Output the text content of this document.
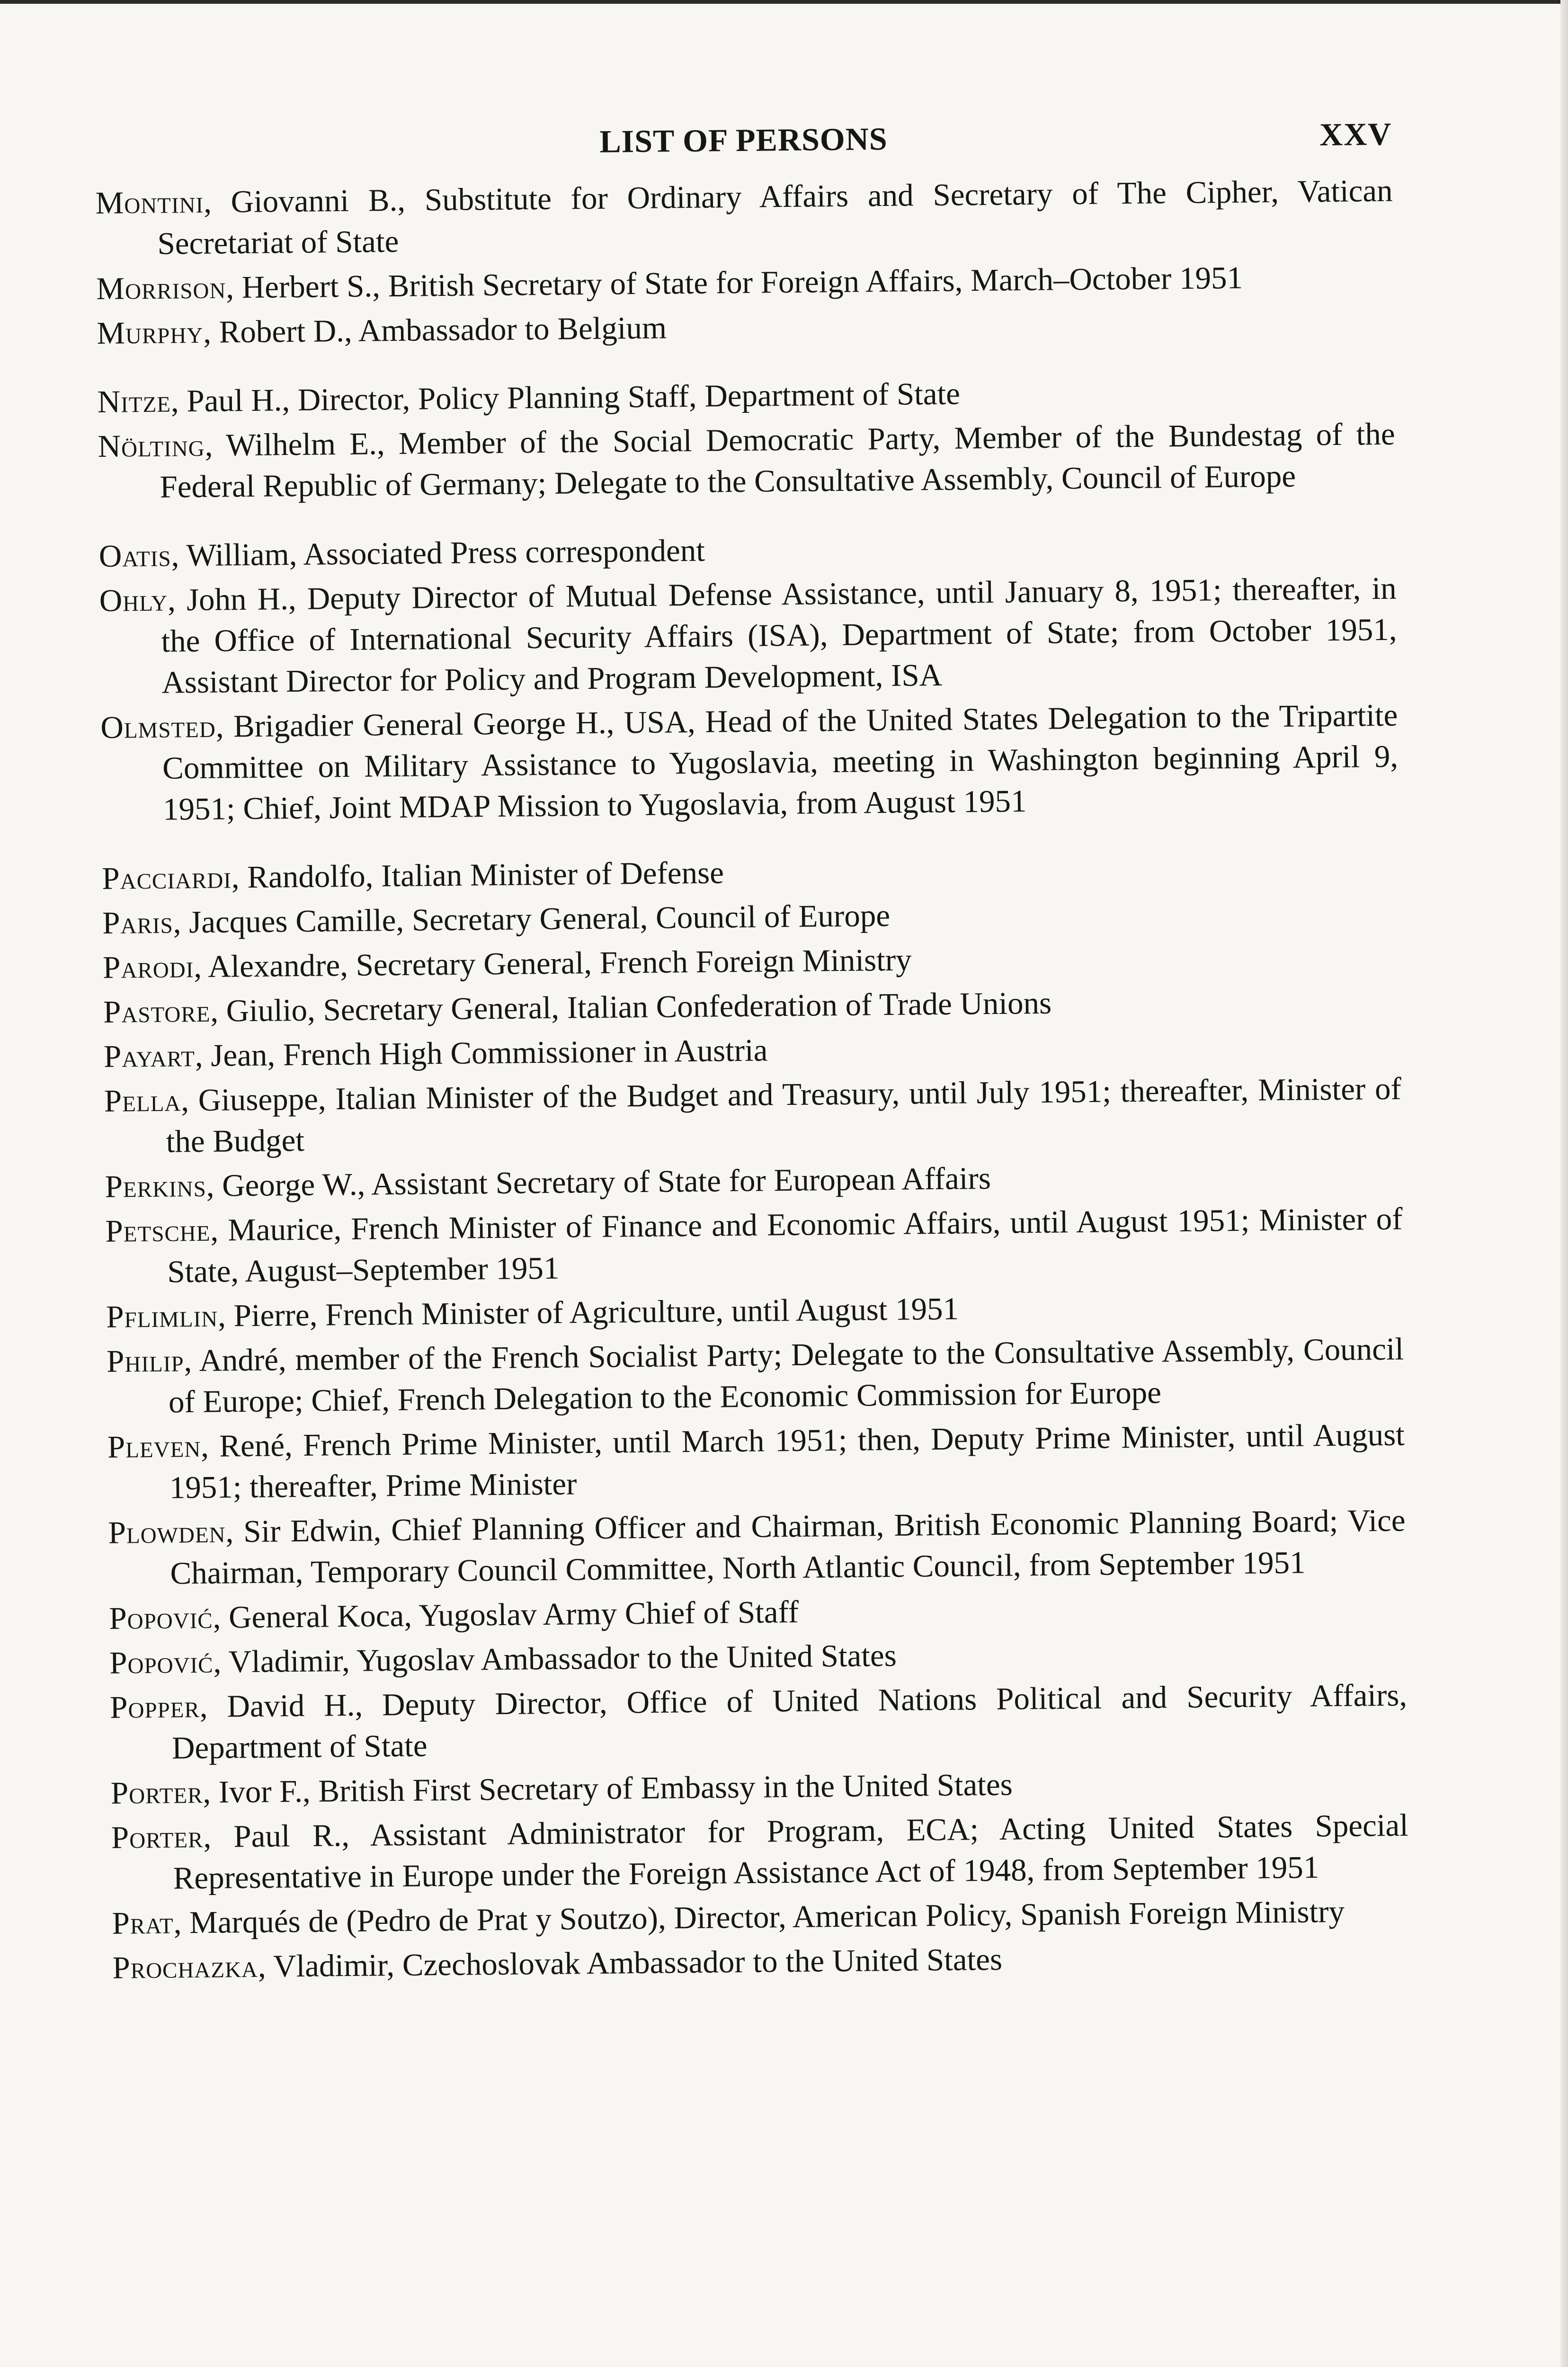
LIST OF PERSONS	XXV

Montini, Giovanni B., Substitute for Ordinary Affairs and Secretary of The Cipher, Vatican Secretariat of State

Morrison, Herbert S., British Secretary of State for Foreign Affairs, March–October 1951

Murphy, Robert D., Ambassador to Belgium

Nitze, Paul H., Director, Policy Planning Staff, Department of State

Nölting, Wilhelm E., Member of the Social Democratic Party, Member of the Bundestag of the Federal Republic of Germany; Delegate to the Consultative Assembly, Council of Europe

Oatis, William, Associated Press correspondent

Ohly, John H., Deputy Director of Mutual Defense Assistance, until January 8, 1951; thereafter, in the Office of International Security Affairs (ISA), Department of State; from October 1951, Assistant Director for Policy and Program Development, ISA

Olmsted, Brigadier General George H., USA, Head of the United States Delegation to the Tripartite Committee on Military Assistance to Yugoslavia, meeting in Washington beginning April 9, 1951; Chief, Joint MDAP Mission to Yugoslavia, from August 1951

Pacciardi, Randolfo, Italian Minister of Defense

Paris, Jacques Camille, Secretary General, Council of Europe

Parodi, Alexandre, Secretary General, French Foreign Ministry

Pastore, Giulio, Secretary General, Italian Confederation of Trade Unions

Payart, Jean, French High Commissioner in Austria

Pella, Giuseppe, Italian Minister of the Budget and Treasury, until July 1951; thereafter, Minister of the Budget

Perkins, George W., Assistant Secretary of State for European Affairs

Petsche, Maurice, French Minister of Finance and Economic Affairs, until August 1951; Minister of State, August–September 1951

Pflimlin, Pierre, French Minister of Agriculture, until August 1951

Philip, André, member of the French Socialist Party; Delegate to the Consultative Assembly, Council of Europe; Chief, French Delegation to the Economic Commission for Europe

Pleven, René, French Prime Minister, until March 1951; then, Deputy Prime Minister, until August 1951; thereafter, Prime Minister

Plowden, Sir Edwin, Chief Planning Officer and Chairman, British Economic Planning Board; Vice Chairman, Temporary Council Committee, North Atlantic Council, from September 1951

Popović, General Koca, Yugoslav Army Chief of Staff

Popović, Vladimir, Yugoslav Ambassador to the United States

Popper, David H., Deputy Director, Office of United Nations Political and Security Affairs, Department of State

Porter, Ivor F., British First Secretary of Embassy in the United States

Porter, Paul R., Assistant Administrator for Program, ECA; Acting United States Special Representative in Europe under the Foreign Assistance Act of 1948, from September 1951

Prat, Marqués de (Pedro de Prat y Soutzo), Director, American Policy, Spanish Foreign Ministry

Prochazka, Vladimir, Czechoslovak Ambassador to the United States
